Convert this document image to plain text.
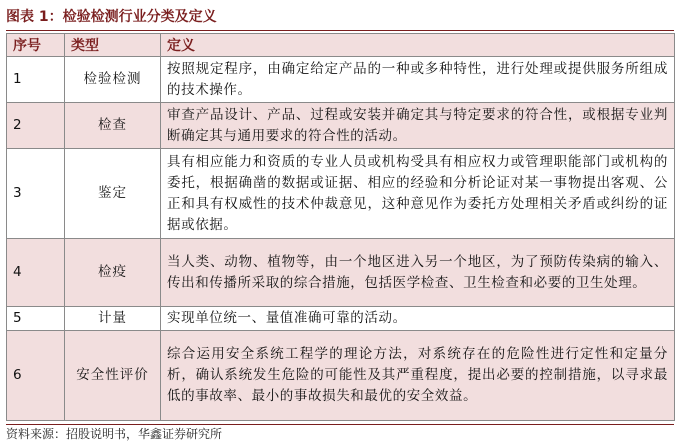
图表 1：检验检测行业分类及定义
序号	类型	定义
1	检验检测	按照规定程序，由确定给定产品的一种或多种特性，进行处理或提供服务所组成的技术操作。
2	检查	审查产品设计、产品、过程或安装并确定其与特定要求的符合性，或根据专业判断确定其与通用要求的符合性的活动。
3	鉴定	具有相应能力和资质的专业人员或机构受具有相应权力或管理职能部门或机构的委托，根据确凿的数据或证据、相应的经验和分析论证对某一事物提出客观、公正和具有权威性的技术仲裁意见，这种意见作为委托方处理相关矛盾或纠纷的证据或依据。
4	检疫	当人类、动物、植物等，由一个地区进入另一个地区，为了预防传染病的输入、传出和传播所采取的综合措施，包括医学检查、卫生检查和必要的卫生处理。
5	计量	实现单位统一、量值准确可靠的活动。
6	安全性评价	综合运用安全系统工程学的理论方法，对系统存在的危险性进行定性和定量分析，确认系统发生危险的可能性及其严重程度，提出必要的控制措施，以寻求最低的事故率、最小的事故损失和最优的安全效益。
资料来源：招股说明书，华鑫证券研究所
